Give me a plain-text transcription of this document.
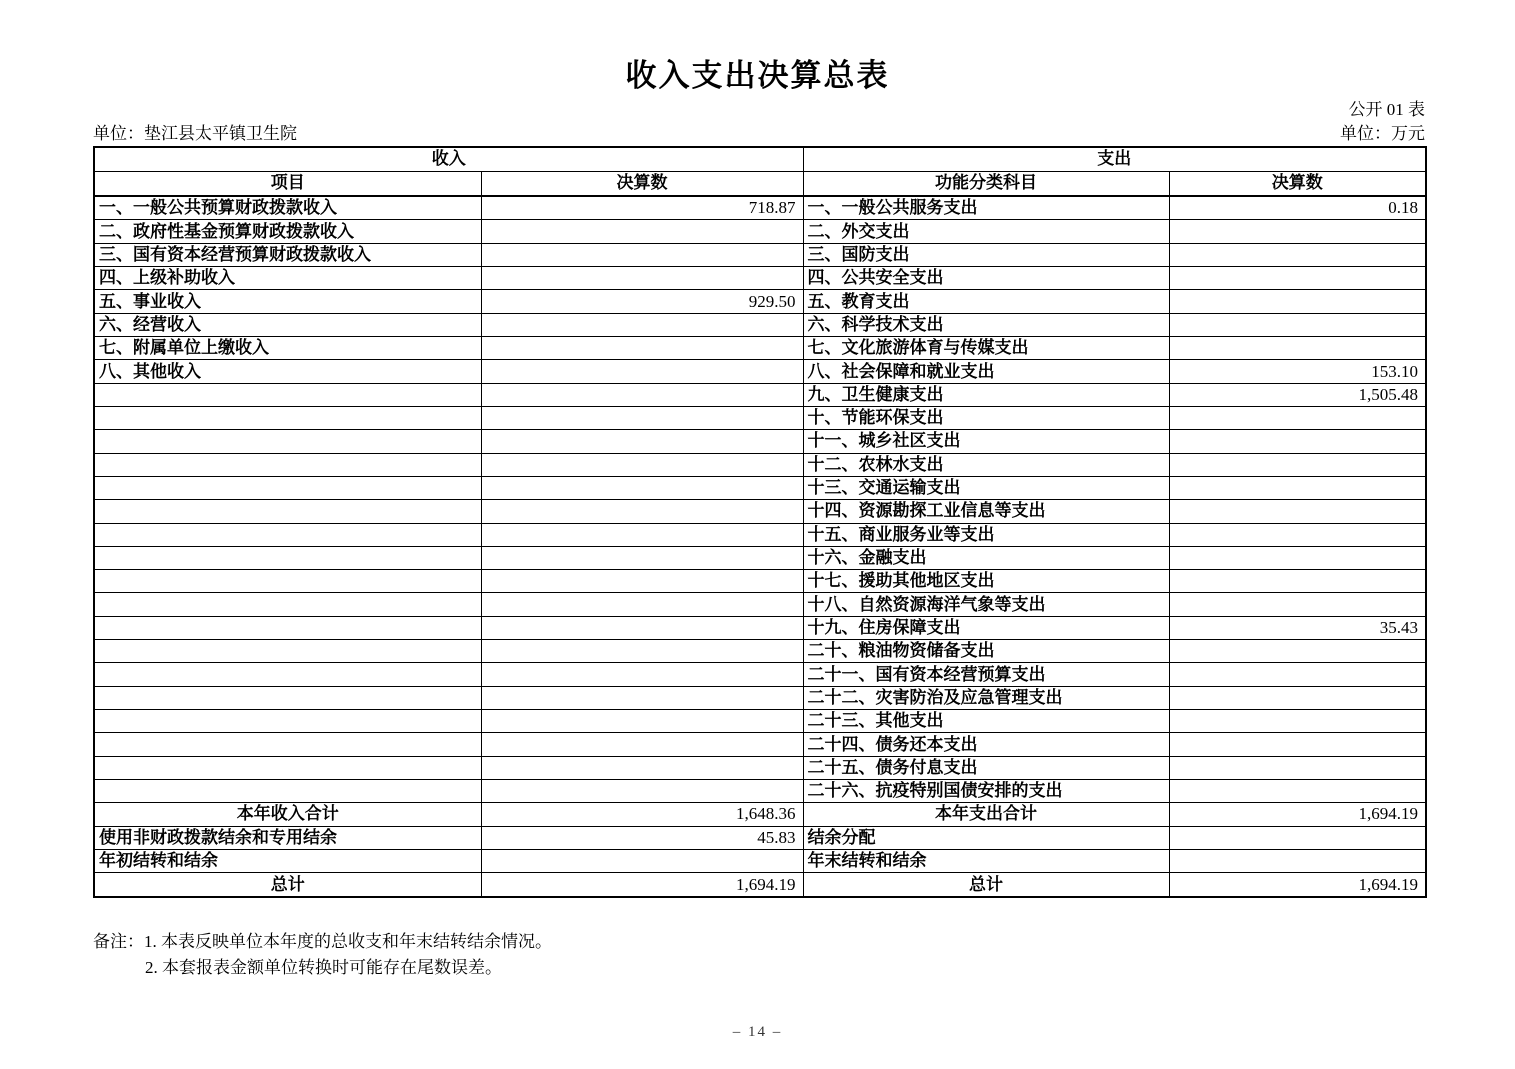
收入支出决算总表
公开 01 表
单位：垫江县太平镇卫生院	单位：万元
收入		支出	
项目	决算数	功能分类科目	决算数
一、一般公共预算财政拨款收入	718.87	一、一般公共服务支出	0.18
二、政府性基金预算财政拨款收入		二、外交支出	
三、国有资本经营预算财政拨款收入		三、国防支出	
四、上级补助收入		四、公共安全支出	
五、事业收入	929.50	五、教育支出	
六、经营收入		六、科学技术支出	
七、附属单位上缴收入		七、文化旅游体育与传媒支出	
八、其他收入		八、社会保障和就业支出	153.10
		九、卫生健康支出	1,505.48
		十、节能环保支出	
		十一、城乡社区支出	
		十二、农林水支出	
		十三、交通运输支出	
		十四、资源勘探工业信息等支出	
		十五、商业服务业等支出	
		十六、金融支出	
		十七、援助其他地区支出	
		十八、自然资源海洋气象等支出	
		十九、住房保障支出	35.43
		二十、粮油物资储备支出	
		二十一、国有资本经营预算支出	
		二十二、灾害防治及应急管理支出	
		二十三、其他支出	
		二十四、债务还本支出	
		二十五、债务付息支出	
		二十六、抗疫特别国债安排的支出	
本年收入合计	1,648.36	本年支出合计	1,694.19
使用非财政拨款结余和专用结余	45.83	结余分配	
年初结转和结余		年末结转和结余	
总计	1,694.19	总计	1,694.19
备注：1. 本表反映单位本年度的总收支和年末结转结余情况。
2. 本套报表金额单位转换时可能存在尾数误差。
– 14 –
